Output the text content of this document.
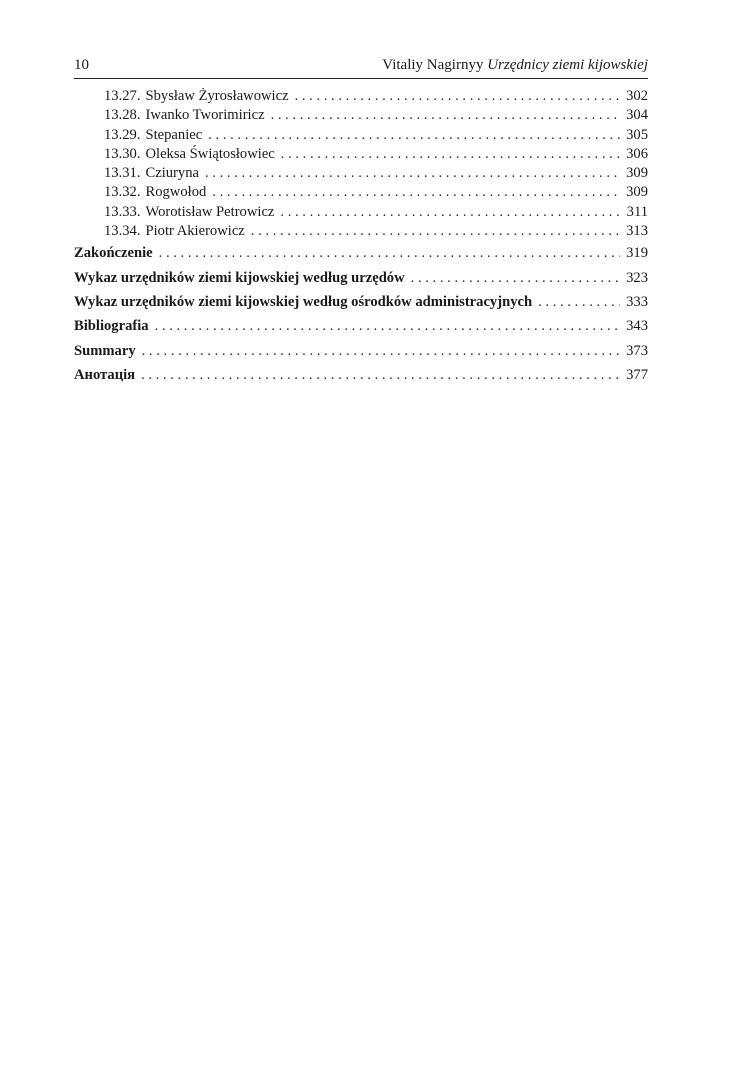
10	Vitaliy Nagirnyy Urzędnicy ziemi kijowskiej
13.27. Sbysław Żyrosławowicz . . .	302
13.28. Iwanko Tworimiricz . . .	304
13.29. Stepaniec . . .	305
13.30. Oleksa Świątosłowiec . . .	306
13.31. Cziuryna . . .	309
13.32. Rogwołod . . .	309
13.33. Worotisław Petrowicz . . .	311
13.34. Piotr Akierowicz . . .	313
Zakończenie . . .	319
Wykaz urzędników ziemi kijowskiej według urzędów . . .	323
Wykaz urzędników ziemi kijowskiej według ośrodków administracyjnych . . .	333
Bibliografia . . .	343
Summary . . .	373
Анотація . . .	377
